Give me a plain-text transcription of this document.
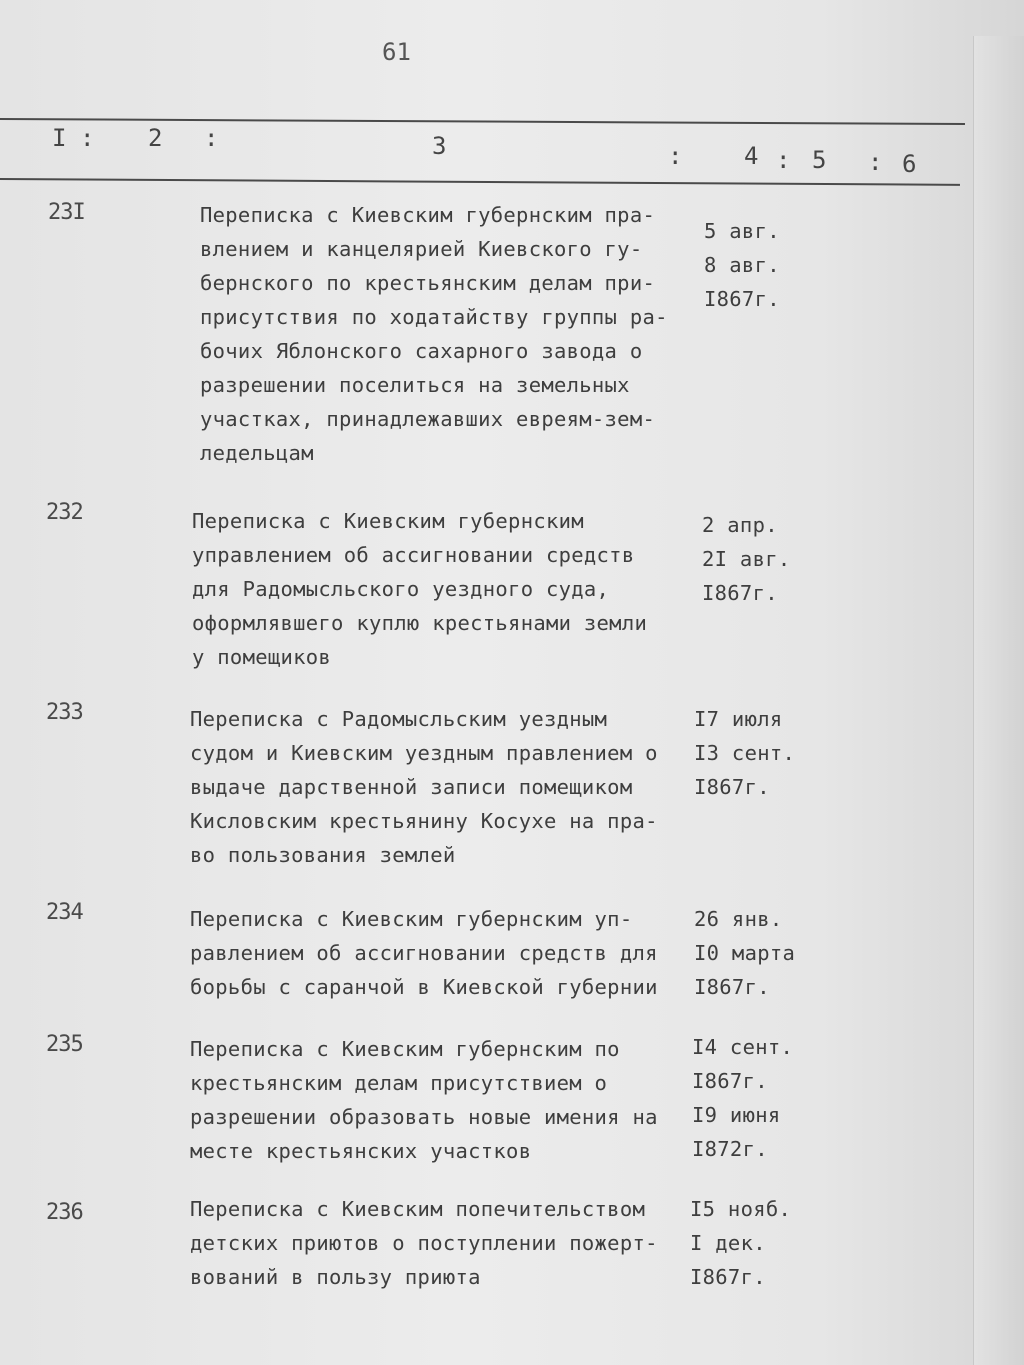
61
I : 2 :	3	:	4 : 5 : 6
23I	Переписка с Киевским губернским пра-
влением и канцелярией Киевского гу-
бернского по крестьянским делам при-
присутствия по ходатайству группы ра-
бочих Яблонского сахарного завода о
разрешении поселиться на земельных
участках, принадлежавших евреям-зем-
ледельцам
5 авг.
8 авг.
I867г.
232	Переписка с Киевским губернским
управлением об ассигновании средств
для Радомысльского уездного суда,
оформлявшего куплю крестьянами земли
у помещиков
2 апр.
2I авг.
I867г.
233	Переписка с Радомысльским уездным
судом и Киевским уездным правлением о
выдаче дарственной записи помещиком
Кисловским крестьянину Косухе на пра-
во пользования землей
I7 июля
I3 сент.
I867г.
234	Переписка с Киевским губернским уп-
равлением об ассигновании средств для
борьбы с саранчой в Киевской губернии
26 янв.
I0 марта
I867г.
235	Переписка с Киевским губернским по
крестьянским делам присутствием о
разрешении образовать новые имения на
месте крестьянских участков
I4 сент.
I867г.
I9 июня
I872г.
236	Переписка с Киевским попечительством
детских приютов о поступлении пожерт-
вований в пользу приюта
I5 нояб.
I дек.
I867г.
